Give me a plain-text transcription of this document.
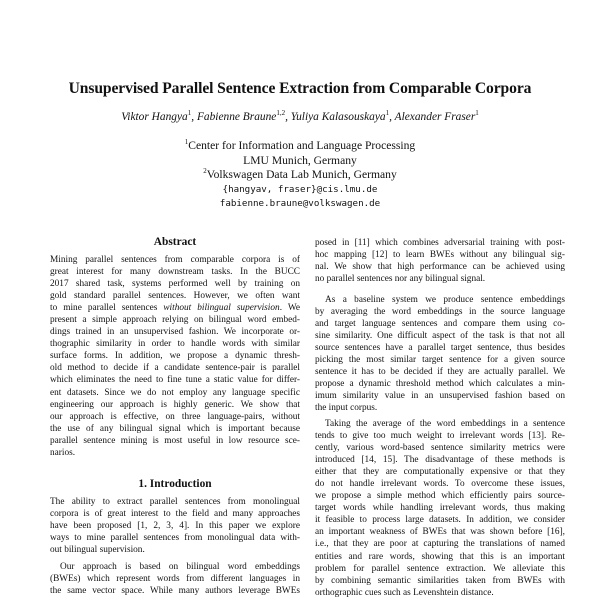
Unsupervised Parallel Sentence Extraction from Comparable Corpora
Viktor Hangya$^1$, Fabienne Braune$^{1,2}$, Yuliya Kalasouskaya$^1$, Alexander Fraser$^1$
$^1$Center for Information and Language Processing
LMU Munich, Germany
$^2$Volkswagen Data Lab Munich, Germany
{hangyav, fraser}@cis.lmu.de
fabienne.braune@volkswagen.de
Abstract
Mining parallel sentences from comparable corpora is of
great interest for many downstream tasks. In the BUCC
2017 shared task, systems performed well by training on
gold standard parallel sentences. However, we often want
to mine parallel sentences without bilingual supervision. We
present a simple approach relying on bilingual word embed-
dings trained in an unsupervised fashion. We incorporate or-
thographic similarity in order to handle words with similar
surface forms. In addition, we propose a dynamic thresh-
old method to decide if a candidate sentence-pair is parallel
which eliminates the need to fine tune a static value for differ-
ent datasets. Since we do not employ any language specific
engineering our approach is highly generic. We show that
our approach is effective, on three language-pairs, without
the use of any bilingual signal which is important because
parallel sentence mining is most useful in low resource sce-
narios.
1. Introduction
The ability to extract parallel sentences from monolingual
corpora is of great interest to the field and many approaches
have been proposed [1, 2, 3, 4]. In this paper we explore
ways to mine parallel sentences from monolingual data with-
out bilingual supervision.
Our approach is based on bilingual word embeddings
(BWEs) which represent words from different languages in
the same vector space. While many authors leverage BWEs
posed in [11] which combines adversarial training with post-
hoc mapping [12] to learn BWEs without any bilingual sig-
nal. We show that high performance can be achieved using
no parallel sentences nor any bilingual signal.
As a baseline system we produce sentence embeddings
by averaging the word embeddings in the source language
and target language sentences and compare them using co-
sine similarity. One difficult aspect of the task is that not all
source sentences have a parallel target sentence, thus besides
picking the most similar target sentence for a given source
sentence it has to be decided if they are actually parallel. We
propose a dynamic threshold method which calculates a min-
imum similarity value in an unsupervised fashion based on
the input corpus.
Taking the average of the word embeddings in a sentence
tends to give too much weight to irrelevant words [13]. Re-
cently, various word-based sentence similarity metrics were
introduced [14, 15]. The disadvantage of these methods is
either that they are computationally expensive or that they
do not handle irrelevant words. To overcome these issues,
we propose a simple method which efficiently pairs source-
target words while handling irrelevant words, thus making
it feasible to process large datasets. In addition, we consider
an important weakness of BWEs that was shown before [16],
i.e., that they are poor at capturing the translations of named
entities and rare words, showing that this is an important
problem for parallel sentence extraction. We alleviate this
by combining semantic similarities taken from BWEs with
orthographic cues such as Levenshtein distance.
